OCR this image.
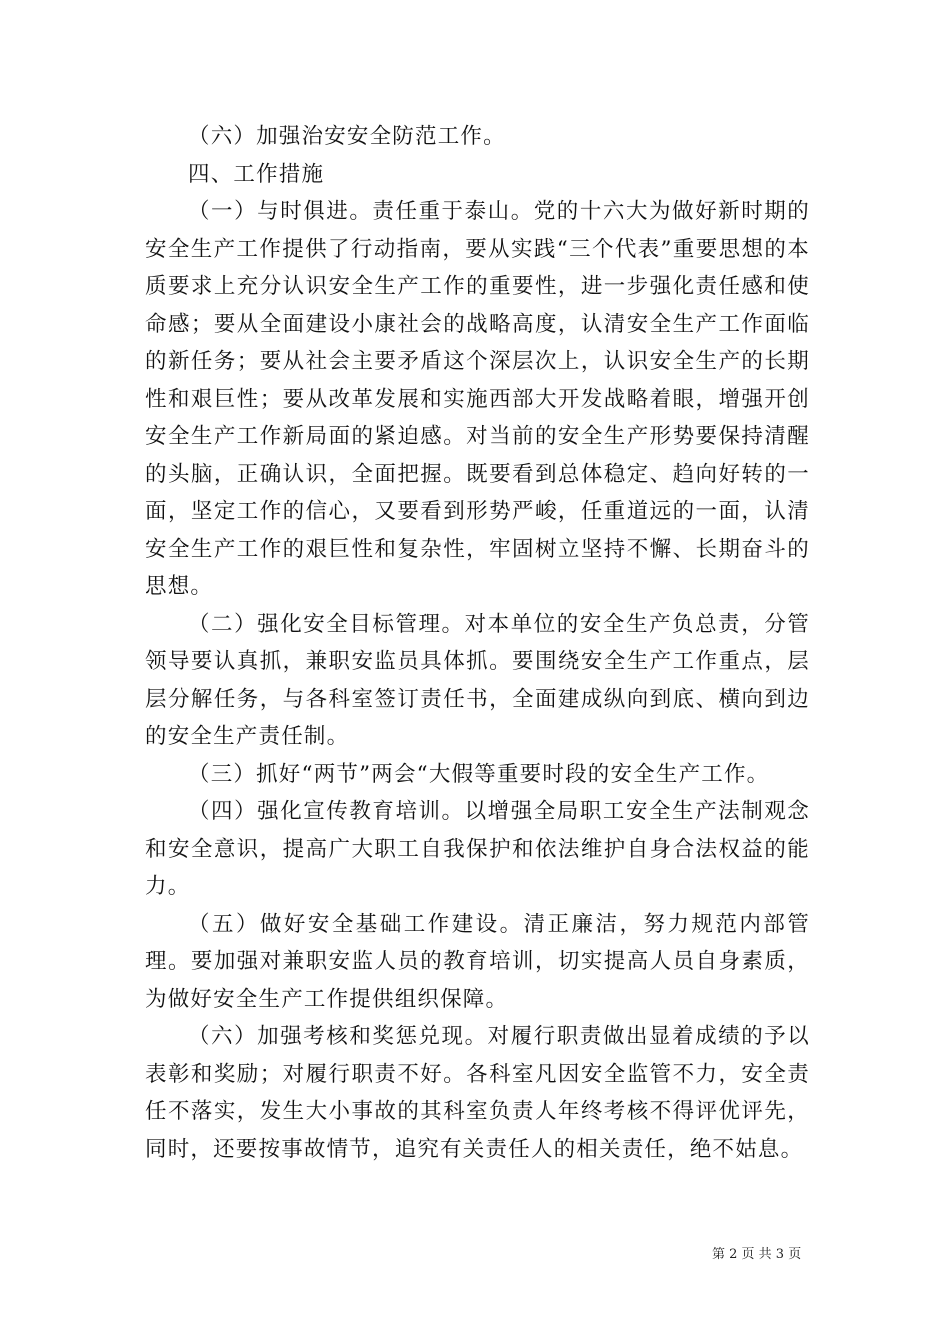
（六）加强治安安全防范工作。

四、工作措施

（一）与时俱进。责任重于泰山。党的十六大为做好新时期的安全生产工作提供了行动指南，要从实践“三个代表”重要思想的本质要求上充分认识安全生产工作的重要性，进一步强化责任感和使命感；要从全面建设小康社会的战略高度，认清安全生产工作面临的新任务；要从社会主要矛盾这个深层次上，认识安全生产的长期性和艰巨性；要从改革发展和实施西部大开发战略着眼，增强开创安全生产工作新局面的紧迫感。对当前的安全生产形势要保持清醒的头脑，正确认识，全面把握。既要看到总体稳定、趋向好转的一面，坚定工作的信心，又要看到形势严峻，任重道远的一面，认清安全生产工作的艰巨性和复杂性，牢固树立坚持不懈、长期奋斗的思想。

（二）强化安全目标管理。对本单位的安全生产负总责，分管领导要认真抓，兼职安监员具体抓。要围绕安全生产工作重点，层层分解任务，与各科室签订责任书，全面建成纵向到底、横向到边的安全生产责任制。

（三）抓好“两节”两会“大假等重要时段的安全生产工作。

（四）强化宣传教育培训。以增强全局职工安全生产法制观念和安全意识，提高广大职工自我保护和依法维护自身合法权益的能力。

（五）做好安全基础工作建设。清正廉洁，努力规范内部管理。要加强对兼职安监人员的教育培训，切实提高人员自身素质，为做好安全生产工作提供组织保障。

（六）加强考核和奖惩兑现。对履行职责做出显着成绩的予以表彰和奖励；对履行职责不好。各科室凡因安全监管不力，安全责任不落实，发生大小事故的其科室负责人年终考核不得评优评先，同时，还要按事故情节，追究有关责任人的相关责任，绝不姑息。

第 2 页 共 3 页
